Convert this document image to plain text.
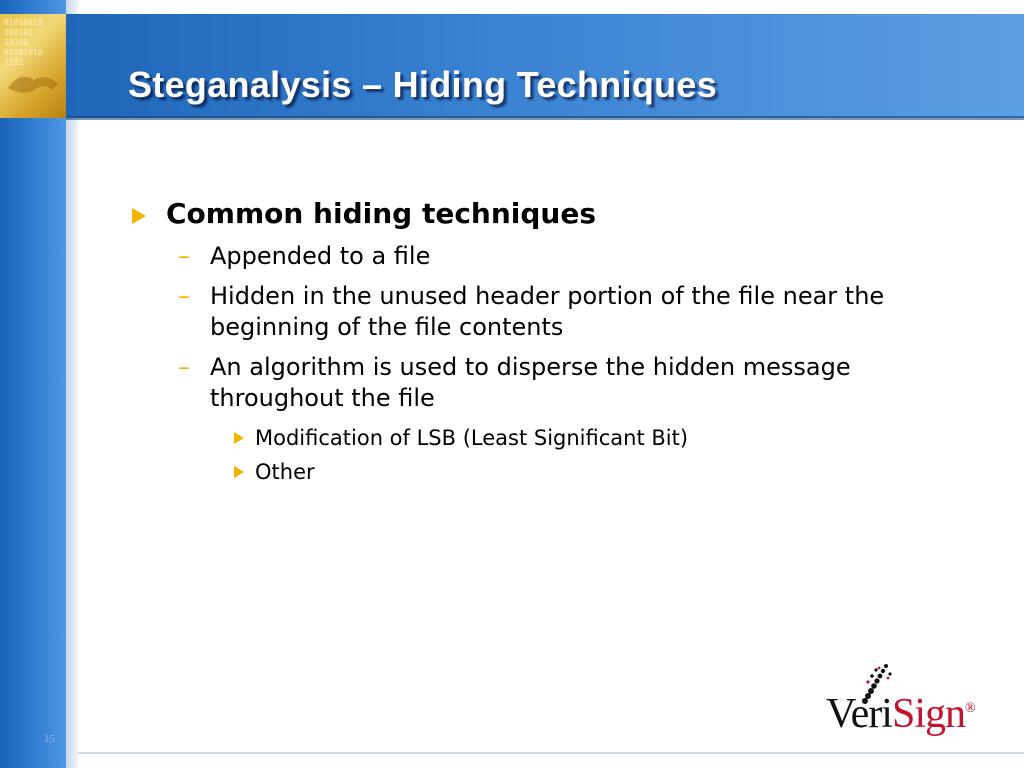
01010010
100101
10100
01001010
1101
Steganalysis – Hiding Techniques
Common hiding techniques
– Appended to a file
– Hidden in the unused header portion of the file near the beginning of the file contents
– An algorithm is used to disperse the hidden message throughout the file
Modification of LSB (Least Significant Bit)
Other
15
VeriSign®
